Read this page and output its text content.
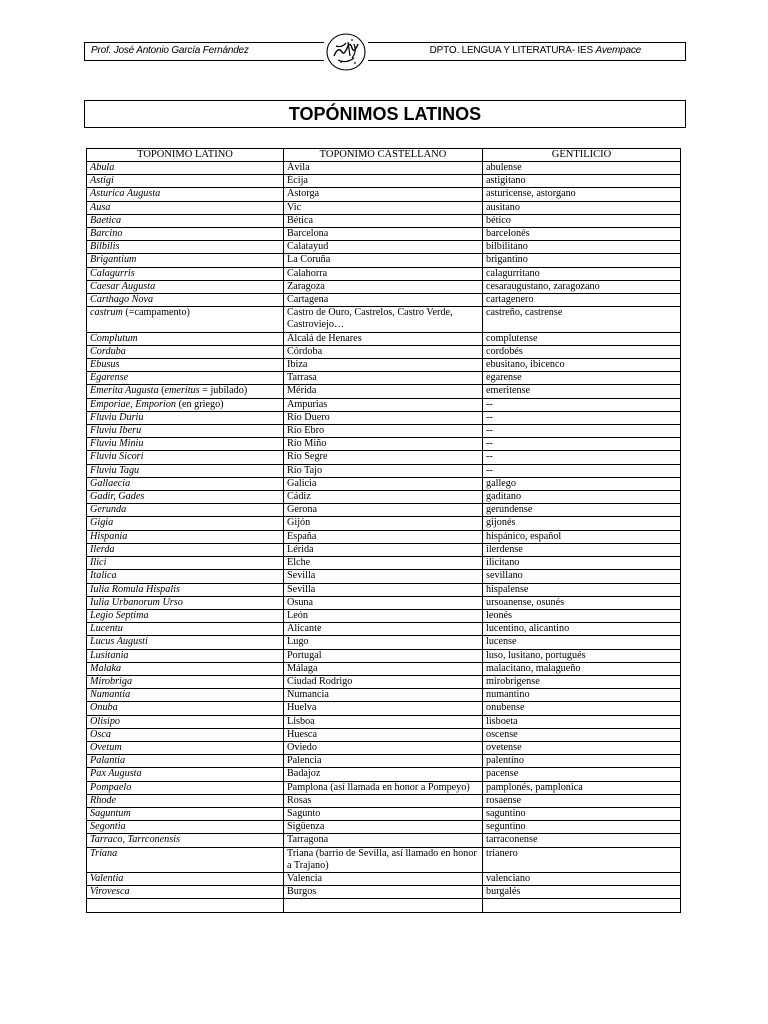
Prof. José Antonio García Fernández	DPTO. LENGUA Y LITERATURA- IES Avempace
TOPÓNIMOS LATINOS
TOPÓNIMO LATINO	TOPÓNIMO CASTELLANO	GENTILICIO
Abula	Ávila	abulense
Astigi	Écija	astigitano
Asturica Augusta	Astorga	asturicense, astorgano
Ausa	Vic	ausitano
Baetica	Bética	bético
Barcino	Barcelona	barcelonés
Bilbilis	Calatayud	bilbilitano
Brigantium	La Coruña	brigantino
Calagurris	Calahorra	calagurritano
Caesar Augusta	Zaragoza	cesaraugustano, zaragozano
Carthago Nova	Cartagena	cartagenero
castrum (=campamento)	Castro de Ouro, Castrelos, Castro Verde, Castroviejo…	castreño, castrense
Complutum	Alcalá de Henares	complutense
Corduba	Córdoba	cordobés
Ebusus	Ibiza	ebusitano, ibicenco
Egarense	Tarrasa	egarense
Emerita Augusta (emeritus = jubilado)	Mérida	emeritense
Emporiae, Emporion (en griego)	Ampurias	--
Fluviu Duriu	Río Duero	--
Fluviu Iberu	Río Ebro	--
Fluviu Miniu	Río Miño	--
Fluviu Sicori	Río Segre	--
Fluviu Tagu	Río Tajo	--
Gallaecia	Galicia	gallego
Gadir, Gades	Cádiz	gaditano
Gerunda	Gerona	gerundense
Gigia	Gijón	gijonés
Hispania	España	hispánico, español
Ilerda	Lérida	ilerdense
Ilici	Elche	ilicitano
Italica	Sevilla	sevillano
Iulia Romula Hispalis	Sevilla	hispalense
Iulia Urbanorum Urso	Osuna	ursoanense, osunés
Legio Septima	León	leonés
Lucentu	Alicante	lucentino, alicantino
Lucus Augusti	Lugo	lucense
Lusitania	Portugal	luso, lusitano, portugués
Malaka	Málaga	malacitano, malagueño
Mirobriga	Ciudad Rodrigo	mirobrigense
Numantia	Numancia	numantino
Onuba	Huelva	onubense
Olisipo	Lisboa	lisboeta
Osca	Huesca	oscense
Ovetum	Oviedo	ovetense
Palantia	Palencia	palentino
Pax Augusta	Badajoz	pacense
Pompaelo	Pamplona (así llamada en honor a Pompeyo)	pamplonés, pamplonica
Rhode	Rosas	rosaense
Saguntum	Sagunto	saguntino
Segontia	Sigüenza	seguntino
Tarraco, Tarrconensis	Tarragona	tarraconense
Triana	Triana (barrio de Sevilla, así llamado en honor a Trajano)	trianero
Valentia	Valencia	valenciano
Virovesca	Burgos	burgalés
